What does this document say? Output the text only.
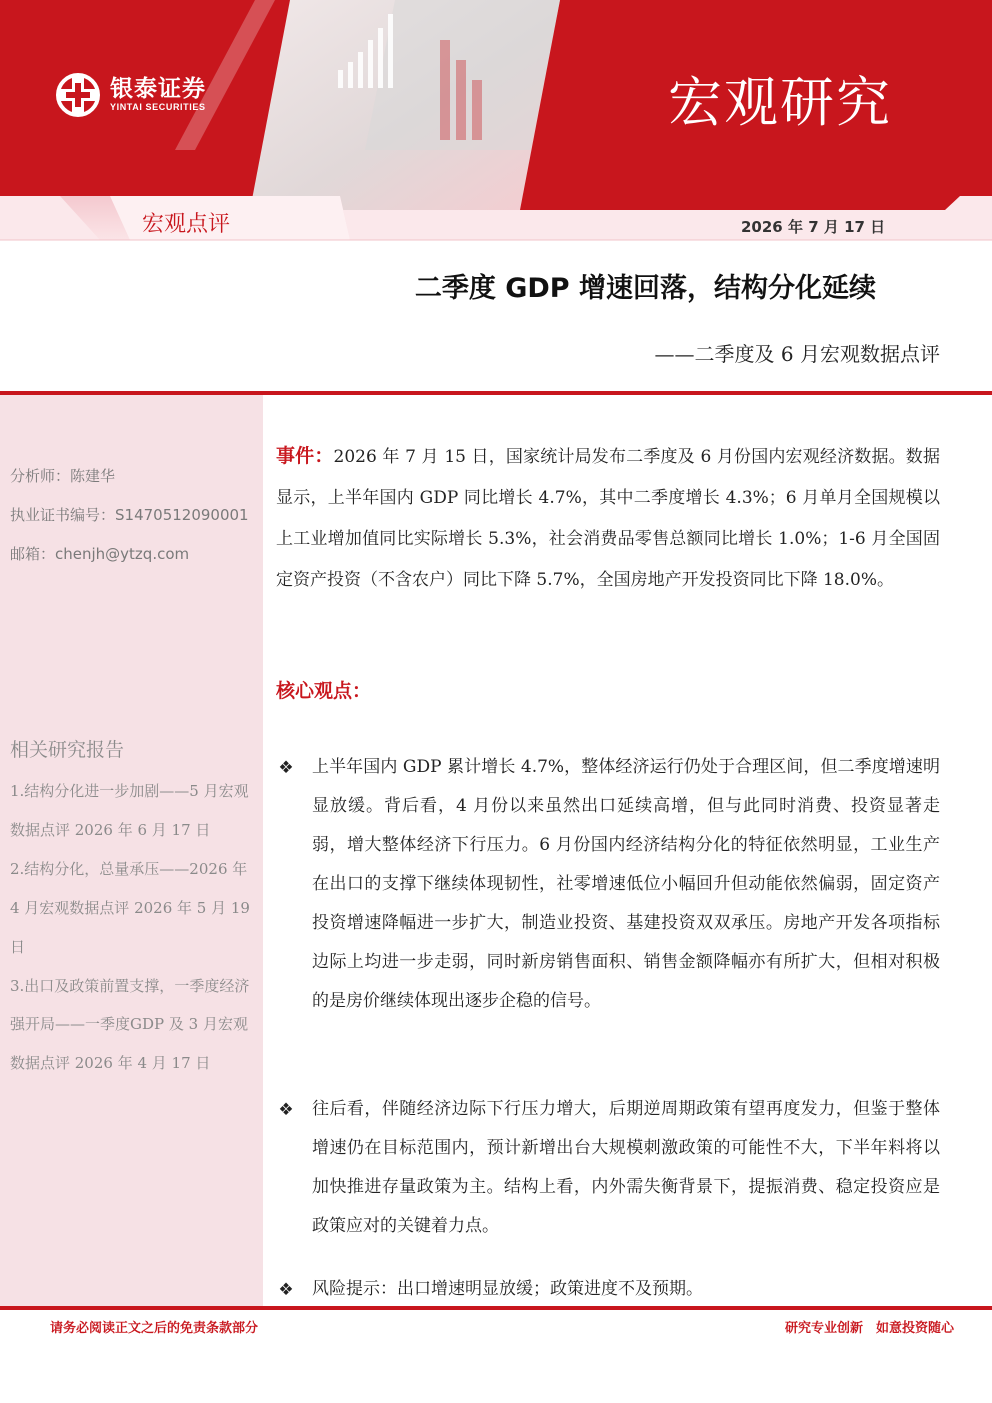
银泰证券
YINTAI SECURITIES	宏观研究
宏观点评	2026 年 7 月 17 日
二季度 GDP 增速回落，结构分化延续
——二季度及 6 月宏观数据点评
分析师：陈建华
执业证书编号：S1470512090001
邮箱：chenjh@ytzq.com
相关研究报告
1.结构分化进一步加剧——5 月宏观数据点评 2026 年 6 月 17 日
2.结构分化，总量承压——2026 年 4 月宏观数据点评 2026 年 5 月 19 日
3.出口及政策前置支撑，一季度经济强开局——一季度GDP 及 3 月宏观数据点评 2026 年 4 月 17 日

事件：2026 年 7 月 15 日，国家统计局发布二季度及 6 月份国内宏观经济数据。数据显示，上半年国内 GDP 同比增长 4.7%，其中二季度增长 4.3%；6 月单月全国规模以上工业增加值同比实际增长 5.3%，社会消费品零售总额同比增长 1.0%；1-6 月全国固定资产投资（不含农户）同比下降 5.7%，全国房地产开发投资同比下降 18.0%。

核心观点：
❖ 上半年国内 GDP 累计增长 4.7%，整体经济运行仍处于合理区间，但二季度增速明显放缓。背后看，4 月份以来虽然出口延续高增，但与此同时消费、投资显著走弱，增大整体经济下行压力。6 月份国内经济结构分化的特征依然明显，工业生产在出口的支撑下继续体现韧性，社零增速低位小幅回升但动能依然偏弱，固定资产投资增速降幅进一步扩大，制造业投资、基建投资双双承压。房地产开发各项指标边际上均进一步走弱，同时新房销售面积、销售金额降幅亦有所扩大，但相对积极的是房价继续体现出逐步企稳的信号。

❖ 往后看，伴随经济边际下行压力增大，后期逆周期政策有望再度发力，但鉴于整体增速仍在目标范围内，预计新增出台大规模刺激政策的可能性不大，下半年料将以加快推进存量政策为主。结构上看，内外需失衡背景下，提振消费、稳定投资应是政策应对的关键着力点。

❖ 风险提示：出口增速明显放缓；政策进度不及预期。

请务必阅读正文之后的免责条款部分	研究专业创新　如意投资随心
